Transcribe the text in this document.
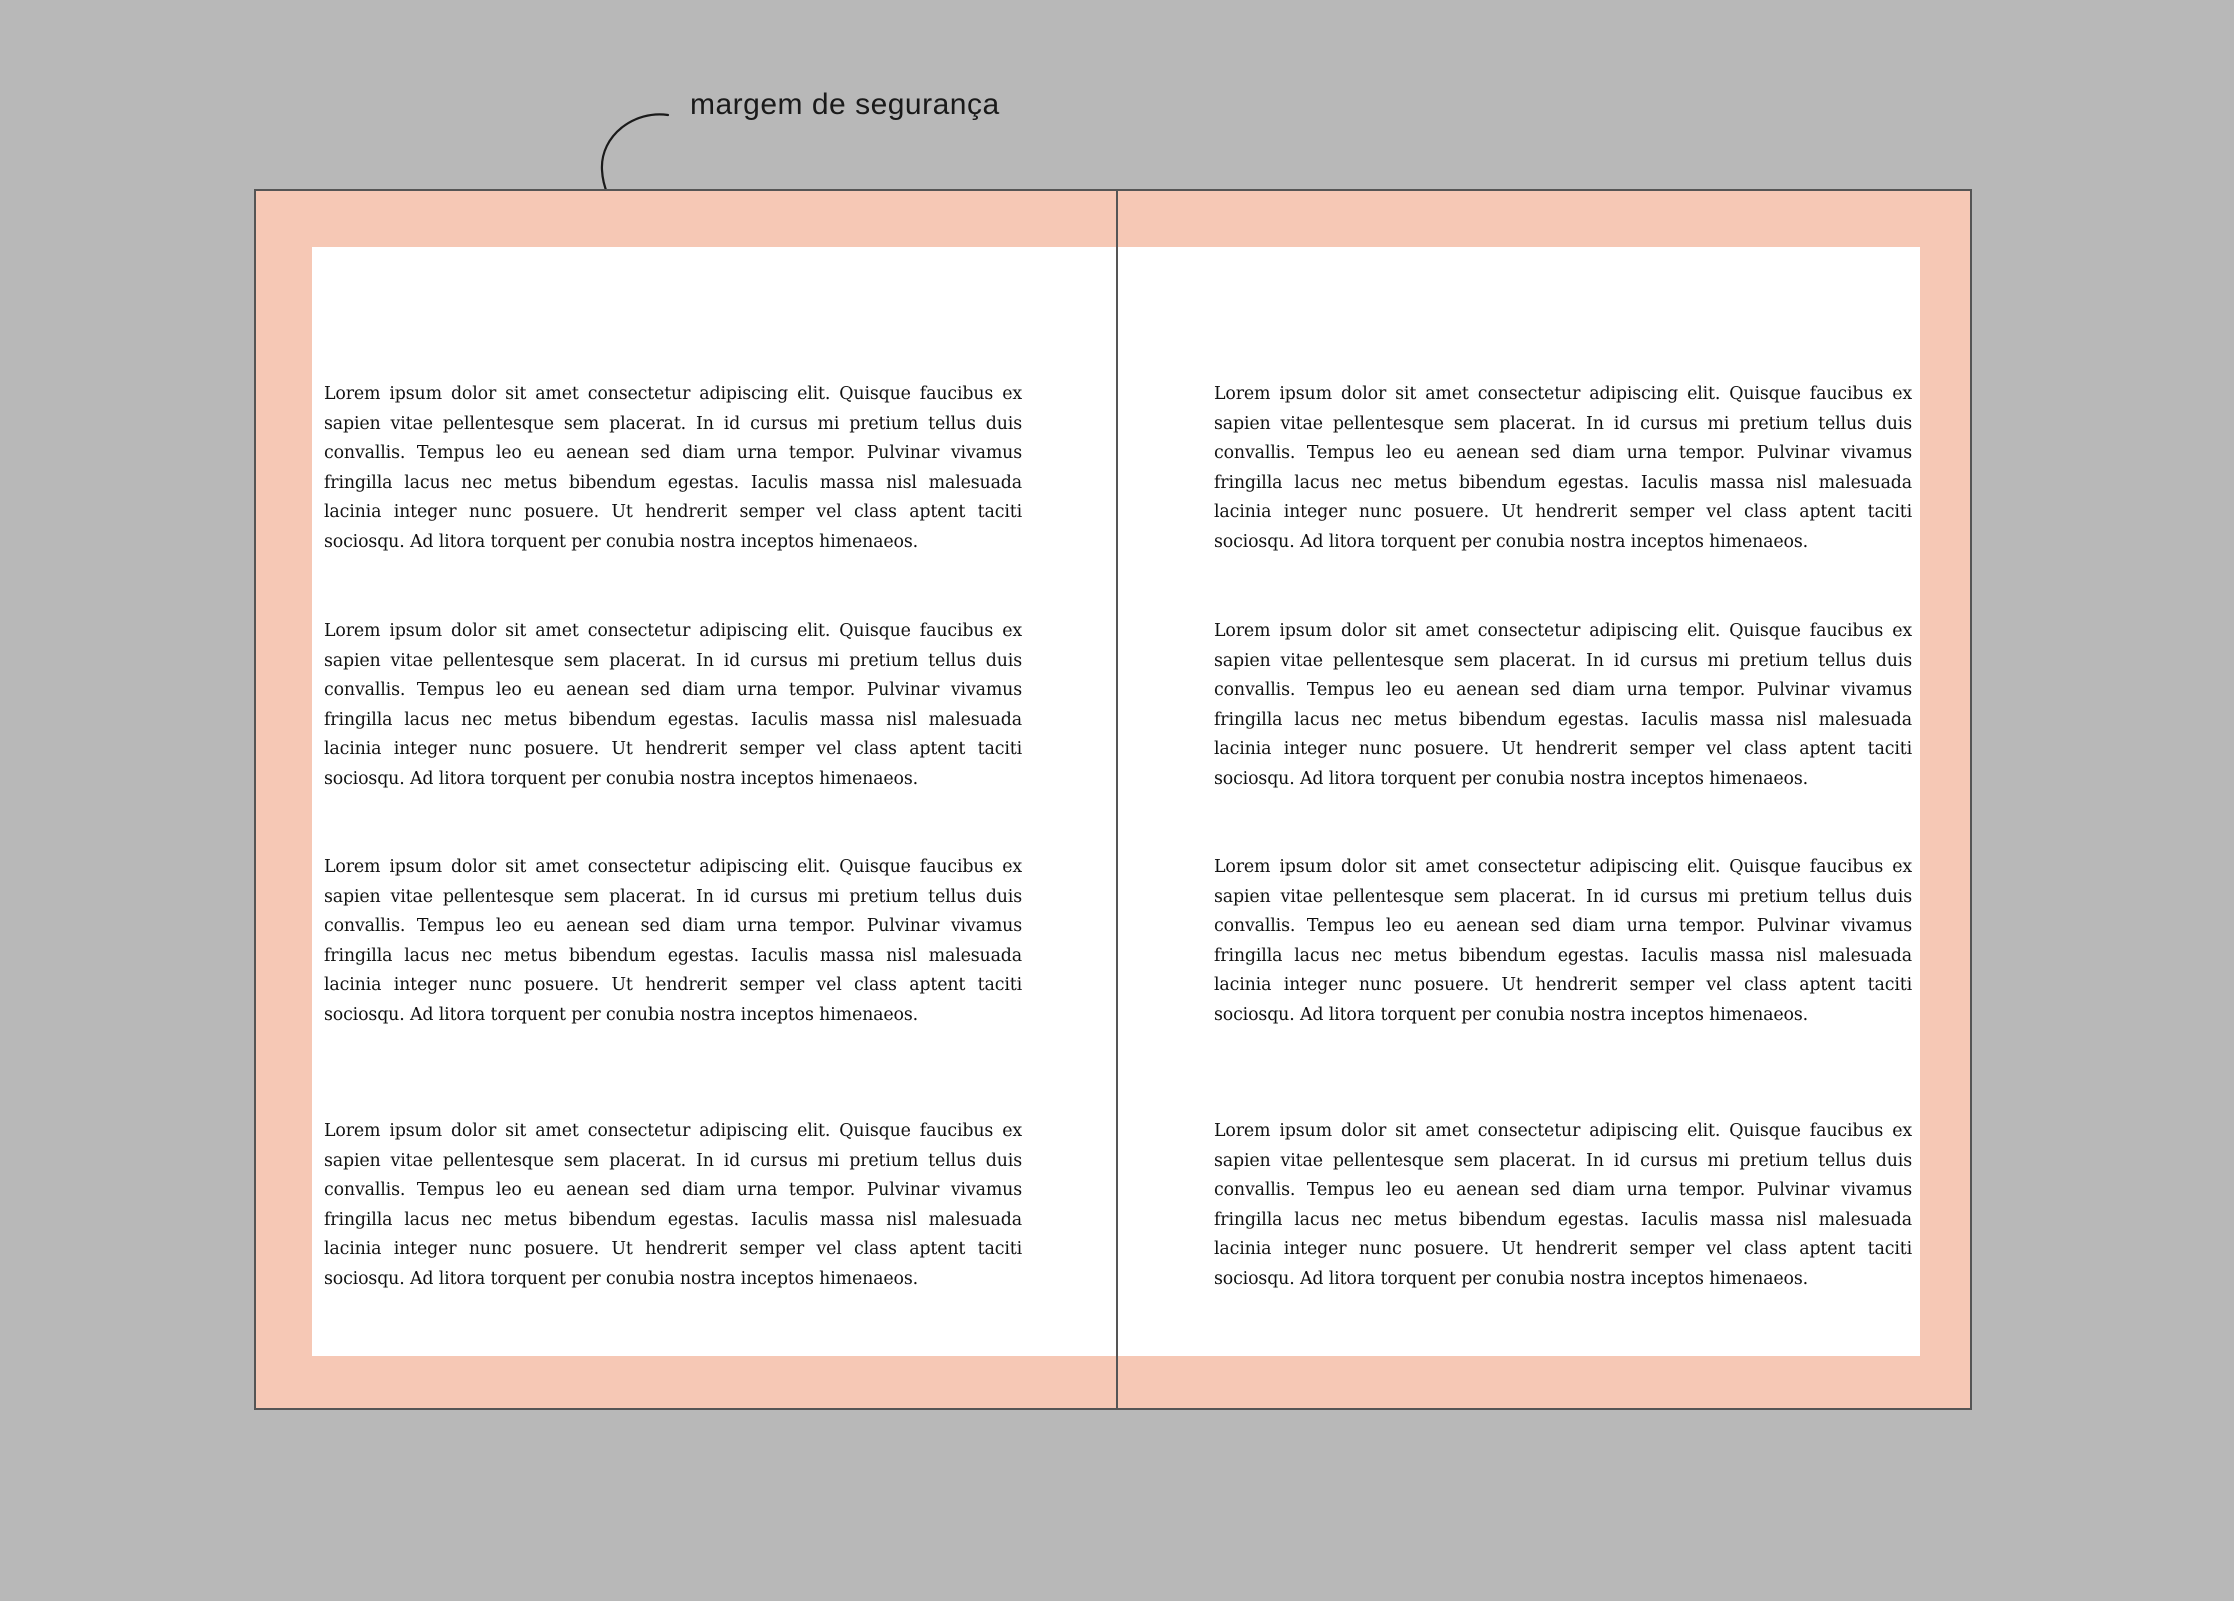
margem de segurança

Lorem ipsum dolor sit amet consectetur adipiscing elit. Quisque faucibus ex sapien vitae pellentesque sem placerat. In id cursus mi pretium tellus duis convallis. Tempus leo eu aenean sed diam urna tempor. Pulvinar vivamus fringilla lacus nec metus bibendum egestas. Iaculis massa nisl malesuada lacinia integer nunc posuere. Ut hendrerit semper vel class aptent taciti sociosqu. Ad litora torquent per conubia nostra inceptos himenaeos.

Lorem ipsum dolor sit amet consectetur adipiscing elit. Quisque faucibus ex sapien vitae pellentesque sem placerat. In id cursus mi pretium tellus duis convallis. Tempus leo eu aenean sed diam urna tempor. Pulvinar vivamus fringilla lacus nec metus bibendum egestas. Iaculis massa nisl malesuada lacinia integer nunc posuere. Ut hendrerit semper vel class aptent taciti sociosqu. Ad litora torquent per conubia nostra inceptos himenaeos.

Lorem ipsum dolor sit amet consectetur adipiscing elit. Quisque faucibus ex sapien vitae pellentesque sem placerat. In id cursus mi pretium tellus duis convallis. Tempus leo eu aenean sed diam urna tempor. Pulvinar vivamus fringilla lacus nec metus bibendum egestas. Iaculis massa nisl malesuada lacinia integer nunc posuere. Ut hendrerit semper vel class aptent taciti sociosqu. Ad litora torquent per conubia nostra inceptos himenaeos.

Lorem ipsum dolor sit amet consectetur adipiscing elit. Quisque faucibus ex sapien vitae pellentesque sem placerat. In id cursus mi pretium tellus duis convallis. Tempus leo eu aenean sed diam urna tempor. Pulvinar vivamus fringilla lacus nec metus bibendum egestas. Iaculis massa nisl malesuada lacinia integer nunc posuere. Ut hendrerit semper vel class aptent taciti sociosqu. Ad litora torquent per conubia nostra inceptos himenaeos.

Lorem ipsum dolor sit amet consectetur adipiscing elit. Quisque faucibus ex sapien vitae pellentesque sem placerat. In id cursus mi pretium tellus duis convallis. Tempus leo eu aenean sed diam urna tempor. Pulvinar vivamus fringilla lacus nec metus bibendum egestas. Iaculis massa nisl malesuada lacinia integer nunc posuere. Ut hendrerit semper vel class aptent taciti sociosqu. Ad litora torquent per conubia nostra inceptos himenaeos.

Lorem ipsum dolor sit amet consectetur adipiscing elit. Quisque faucibus ex sapien vitae pellentesque sem placerat. In id cursus mi pretium tellus duis convallis. Tempus leo eu aenean sed diam urna tempor. Pulvinar vivamus fringilla lacus nec metus bibendum egestas. Iaculis massa nisl malesuada lacinia integer nunc posuere. Ut hendrerit semper vel class aptent taciti sociosqu. Ad litora torquent per conubia nostra inceptos himenaeos.

Lorem ipsum dolor sit amet consectetur adipiscing elit. Quisque faucibus ex sapien vitae pellentesque sem placerat. In id cursus mi pretium tellus duis convallis. Tempus leo eu aenean sed diam urna tempor. Pulvinar vivamus fringilla lacus nec metus bibendum egestas. Iaculis massa nisl malesuada lacinia integer nunc posuere. Ut hendrerit semper vel class aptent taciti sociosqu. Ad litora torquent per conubia nostra inceptos himenaeos.

Lorem ipsum dolor sit amet consectetur adipiscing elit. Quisque faucibus ex sapien vitae pellentesque sem placerat. In id cursus mi pretium tellus duis convallis. Tempus leo eu aenean sed diam urna tempor. Pulvinar vivamus fringilla lacus nec metus bibendum egestas. Iaculis massa nisl malesuada lacinia integer nunc posuere. Ut hendrerit semper vel class aptent taciti sociosqu. Ad litora torquent per conubia nostra inceptos himenaeos.
